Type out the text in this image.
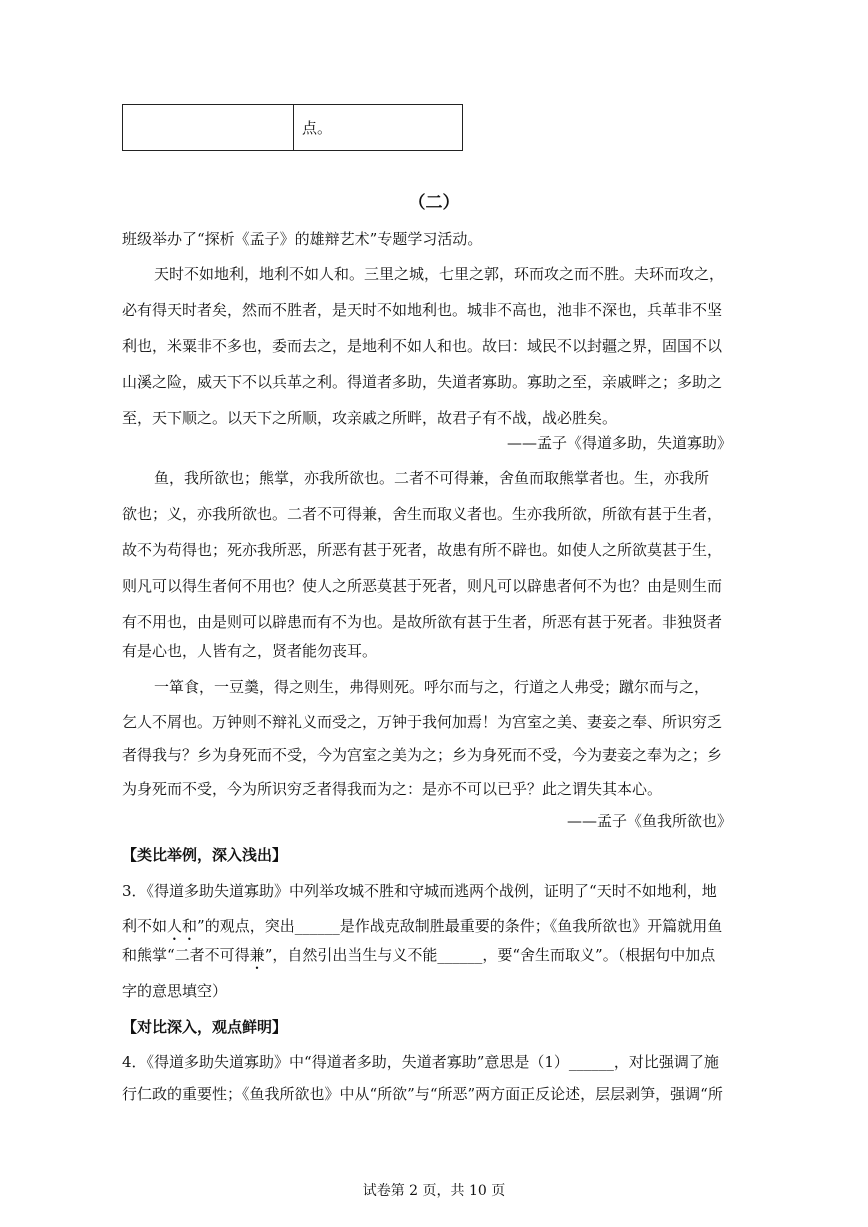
点。
（二）
班级举办了“探析《孟子》的雄辩艺术”专题学习活动。
天时不如地利，地利不如人和。三里之城，七里之郭，环而攻之而不胜。夫环而攻之，
必有得天时者矣，然而不胜者，是天时不如地利也。城非不高也，池非不深也，兵革非不坚
利也，米粟非不多也，委而去之，是地利不如人和也。故曰：域民不以封疆之界，固国不以
山溪之险，威天下不以兵革之利。得道者多助，失道者寡助。寡助之至，亲戚畔之；多助之
至，天下顺之。以天下之所顺，攻亲戚之所畔，故君子有不战，战必胜矣。
——孟子《得道多助，失道寡助》
鱼，我所欲也；熊掌，亦我所欲也。二者不可得兼，舍鱼而取熊掌者也。生，亦我所
欲也；义，亦我所欲也。二者不可得兼，舍生而取义者也。生亦我所欲，所欲有甚于生者，
故不为苟得也；死亦我所恶，所恶有甚于死者，故患有所不辟也。如使人之所欲莫甚于生，
则凡可以得生者何不用也？使人之所恶莫甚于死者，则凡可以辟患者何不为也？由是则生而
有不用也，由是则可以辟患而有不为也。是故所欲有甚于生者，所恶有甚于死者。非独贤者
有是心也，人皆有之，贤者能勿丧耳。
一箪食，一豆羹，得之则生，弗得则死。呼尔而与之，行道之人弗受；蹴尔而与之，
乞人不屑也。万钟则不辩礼义而受之，万钟于我何加焉！为宫室之美、妻妾之奉、所识穷乏
者得我与？乡为身死而不受，今为宫室之美为之；乡为身死而不受，今为妻妾之奉为之；乡
为身死而不受，今为所识穷乏者得我而为之：是亦不可以已乎？此之谓失其本心。
——孟子《鱼我所欲也》
【类比举例，深入浅出】
3．《得道多助失道寡助》中列举攻城不胜和守城而逃两个战例，证明了“天时不如地利，地
利不如人和”的观点，突出______是作战克敌制胜最重要的条件；《鱼我所欲也》开篇就用鱼
和熊掌“二者不可得兼”，自然引出当生与义不能______，要“舍生而取义”。（根据句中加点
字的意思填空）
【对比深入，观点鲜明】
4．《得道多助失道寡助》中“得道者多助，失道者寡助”意思是（1）______，对比强调了施
行仁政的重要性；《鱼我所欲也》中从“所欲”与“所恶”两方面正反论述，层层剥笋，强调“所
试卷第 2 页，共 10 页
